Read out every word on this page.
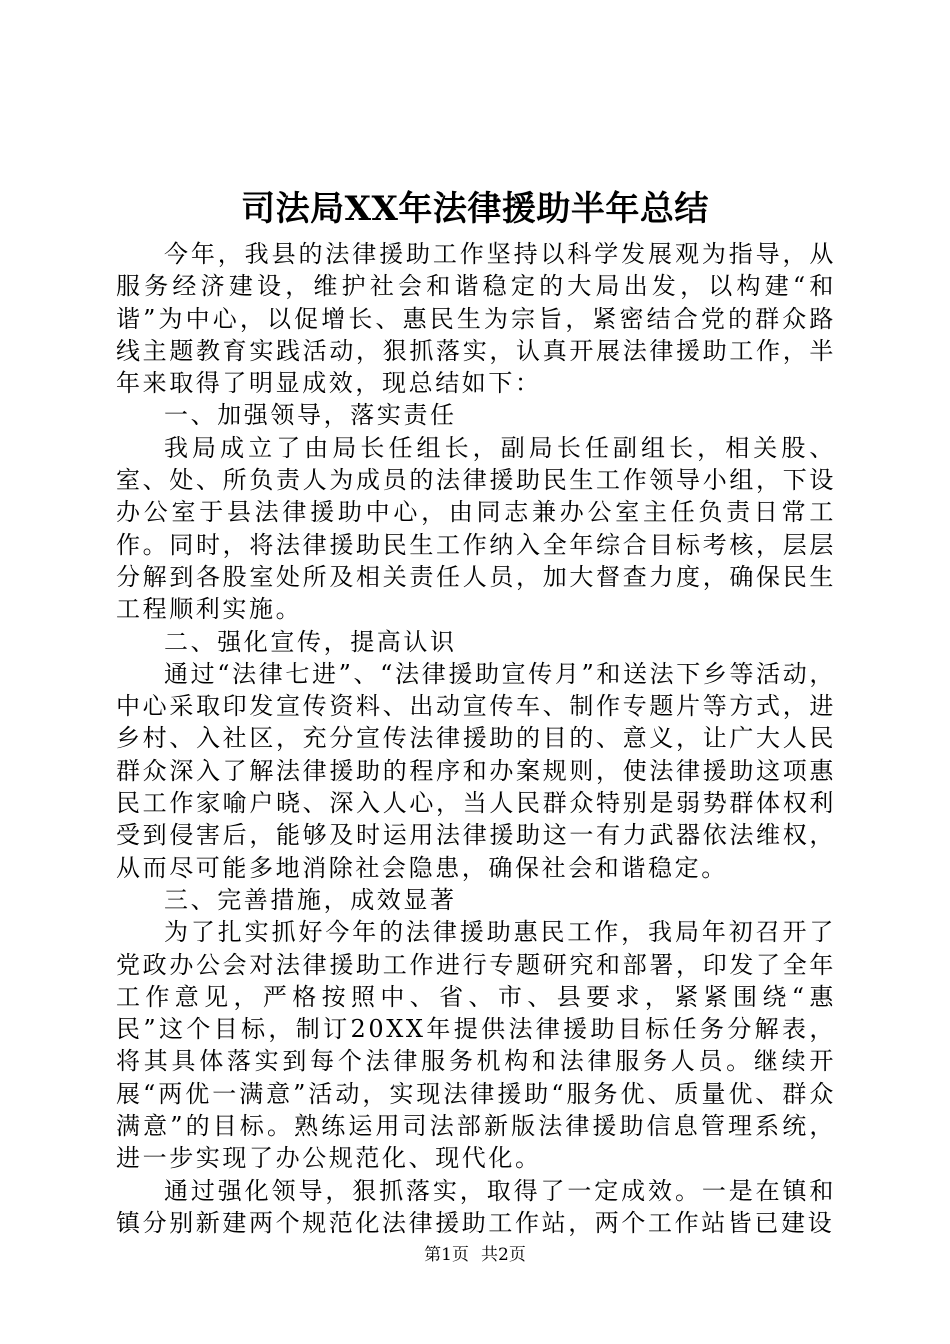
司法局XX年法律援助半年总结

今年，我县的法律援助工作坚持以科学发展观为指导，从服务经济建设，维护社会和谐稳定的大局出发，以构建“和谐”为中心，以促增长、惠民生为宗旨，紧密结合党的群众路线主题教育实践活动，狠抓落实，认真开展法律援助工作，半年来取得了明显成效，现总结如下：

一、加强领导，落实责任

我局成立了由局长任组长，副局长任副组长，相关股、室、处、所负责人为成员的法律援助民生工作领导小组，下设办公室于县法律援助中心，由同志兼办公室主任负责日常工作。同时，将法律援助民生工作纳入全年综合目标考核，层层分解到各股室处所及相关责任人员，加大督查力度，确保民生工程顺利实施。

二、强化宣传，提高认识

通过“法律七进”、“法律援助宣传月”和送法下乡等活动，中心采取印发宣传资料、出动宣传车、制作专题片等方式，进乡村、入社区，充分宣传法律援助的目的、意义，让广大人民群众深入了解法律援助的程序和办案规则，使法律援助这项惠民工作家喻户晓、深入人心，当人民群众特别是弱势群体权利受到侵害后，能够及时运用法律援助这一有力武器依法维权，从而尽可能多地消除社会隐患，确保社会和谐稳定。

三、完善措施，成效显著

为了扎实抓好今年的法律援助惠民工作，我局年初召开了党政办公会对法律援助工作进行专题研究和部署，印发了全年工作意见，严格按照中、省、市、县要求，紧紧围绕“惠民”这个目标，制订20XX年提供法律援助目标任务分解表，将其具体落实到每个法律服务机构和法律服务人员。继续开展“两优一满意”活动，实现法律援助“服务优、质量优、群众满意”的目标。熟练运用司法部新版法律援助信息管理系统，进一步实现了办公规范化、现代化。

通过强化领导，狠抓落实，取得了一定成效。一是在镇和镇分别新建两个规范化法律援助工作站，两个工作站皆已建设

第1页 共2页
